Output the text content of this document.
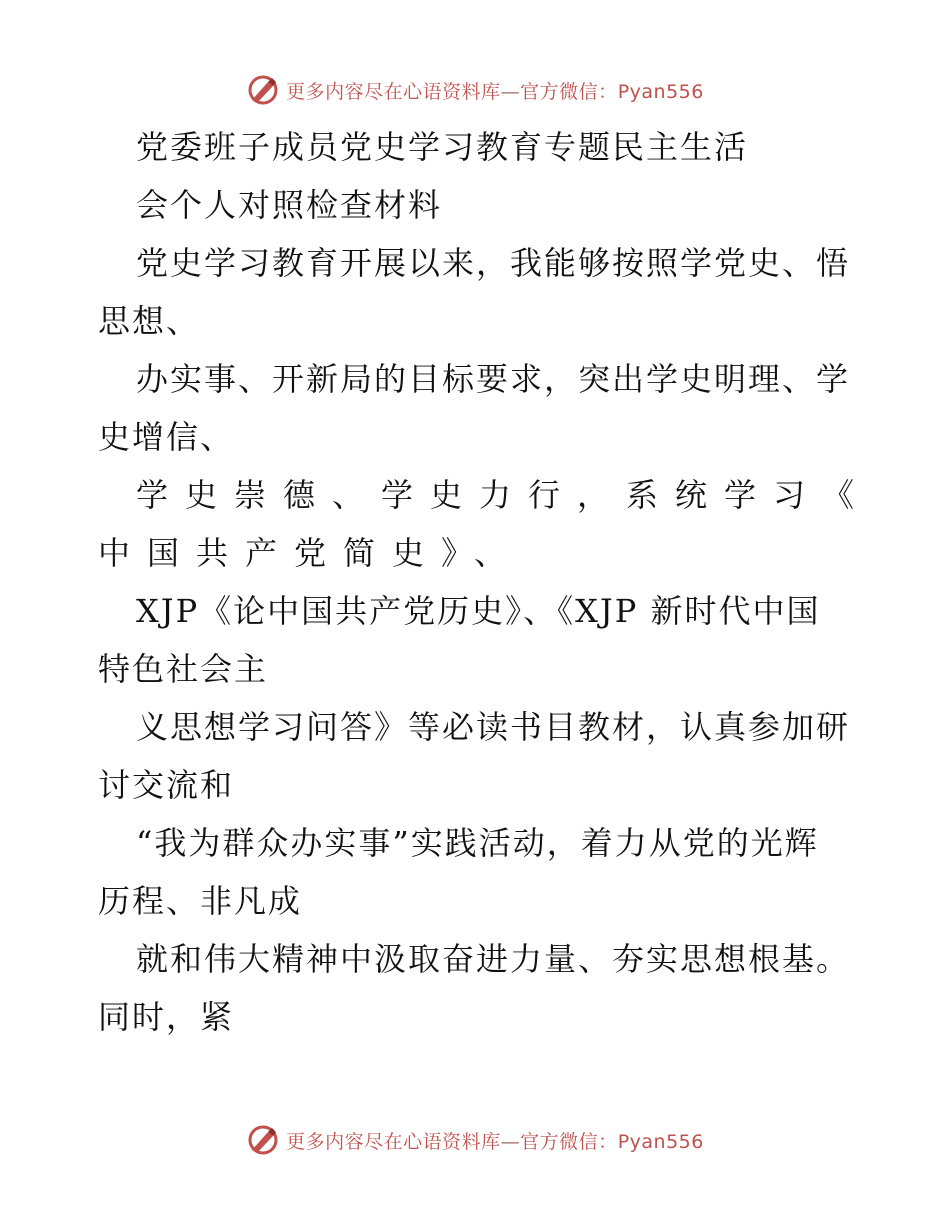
更多内容尽在心语资料库—官方微信：Pyan556
党委班子成员党史学习教育专题民主生活
会个人对照检查材料
党史学习教育开展以来，我能够按照学党史、悟
思想、
办实事、开新局的目标要求，突出学史明理、学
史增信、
学史崇德、学史力行，系统学习《
中国共产党简史》、
XJP《论中国共产党历史》、《XJP 新时代中国
特色社会主
义思想学习问答》等必读书目教材，认真参加研
讨交流和
“我为群众办实事”实践活动，着力从党的光辉
历程、非凡成
就和伟大精神中汲取奋进力量、夯实思想根基。
同时，紧
更多内容尽在心语资料库—官方微信：Pyan556
